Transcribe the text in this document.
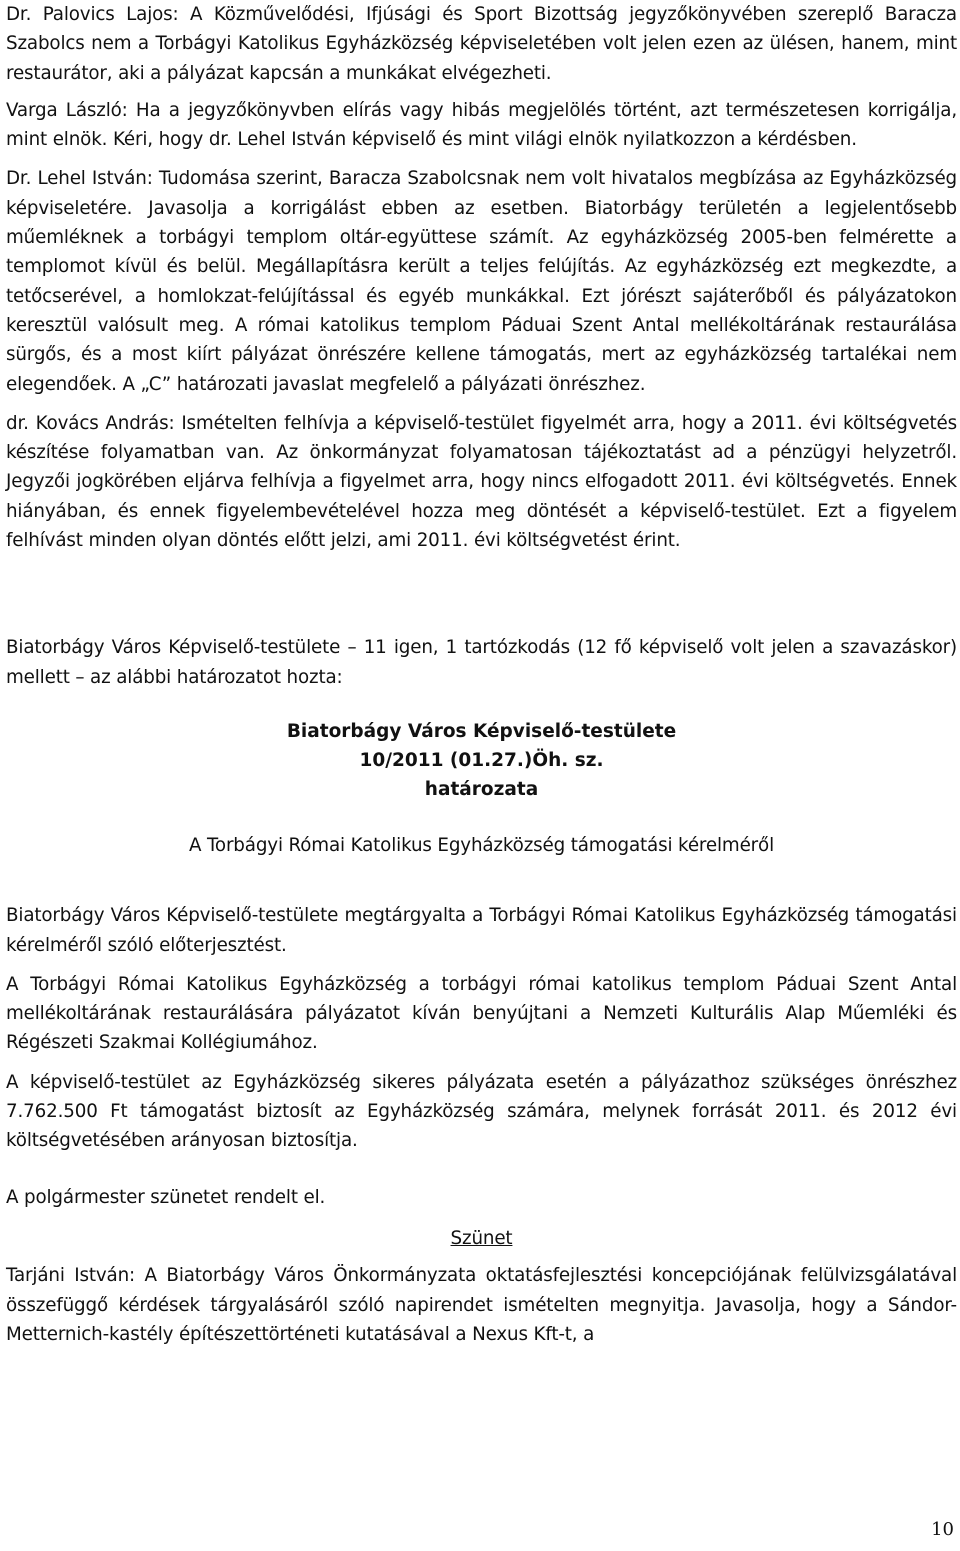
Dr. Palovics Lajos: A Közművelődési, Ifjúsági és Sport Bizottság jegyzőkönyvében szereplő Baracza Szabolcs nem a Torbágyi Katolikus Egyházközség képviseletében volt jelen ezen az ülésen, hanem, mint restaurátor, aki a pályázat kapcsán a munkákat elvégezheti.

Varga László: Ha a jegyzőkönyvben elírás vagy hibás megjelölés történt, azt természetesen korrigálja, mint elnök. Kéri, hogy dr. Lehel István képviselő és mint világi elnök nyilatkozzon a kérdésben.

Dr. Lehel István: Tudomása szerint, Baracza Szabolcsnak nem volt hivatalos megbízása az Egyházközség képviseletére. Javasolja a korrigálást ebben az esetben. Biatorbágy területén a legjelentősebb műemléknek a torbágyi templom oltár-együttese számít. Az egyházközség 2005-ben felmérette a templomot kívül és belül. Megállapításra került a teljes felújítás. Az egyházközség ezt megkezdte, a tetőcserével, a homlokzat-felújítással és egyéb munkákkal. Ezt jórészt sajáterőből és pályázatokon keresztül valósult meg. A római katolikus templom Páduai Szent Antal mellékoltárának restaurálása sürgős, és a most kiírt pályázat önrészére kellene támogatás, mert az egyházközség tartalékai nem elegendőek. A „C” határozati javaslat megfelelő a pályázati önrészhez.

dr. Kovács András: Ismételten felhívja a képviselő-testület figyelmét arra, hogy a 2011. évi költségvetés készítése folyamatban van. Az önkormányzat folyamatosan tájékoztatást ad a pénzügyi helyzetről. Jegyzői jogkörében eljárva felhívja a figyelmet arra, hogy nincs elfogadott 2011. évi költségvetés. Ennek hiányában, és ennek figyelembevételével hozza meg döntését a képviselő-testület. Ezt a figyelem felhívást minden olyan döntés előtt jelzi, ami 2011. évi költségvetést érint.

Biatorbágy Város Képviselő-testülete – 11 igen, 1 tartózkodás (12 fő képviselő volt jelen a szavazáskor) mellett – az alábbi határozatot hozta:

Biatorbágy Város Képviselő-testülete
10/2011 (01.27.)Öh. sz.
határozata

A Torbágyi Római Katolikus Egyházközség támogatási kérelméről

Biatorbágy Város Képviselő-testülete megtárgyalta a Torbágyi Római Katolikus Egyházközség támogatási kérelméről szóló előterjesztést.

A Torbágyi Római Katolikus Egyházközség a torbágyi római katolikus templom Páduai Szent Antal mellékoltárának restaurálására pályázatot kíván benyújtani a Nemzeti Kulturális Alap Műemléki és Régészeti Szakmai Kollégiumához.

A képviselő-testület az Egyházközség sikeres pályázata esetén a pályázathoz szükséges önrészhez 7.762.500 Ft támogatást biztosít az Egyházközség számára, melynek forrását 2011. és 2012 évi költségvetésében arányosan biztosítja.

A polgármester szünetet rendelt el.

Szünet

Tarjáni István: A Biatorbágy Város Önkormányzata oktatásfejlesztési koncepciójának felülvizsgálatával összefüggő kérdések tárgyalásáról szóló napirendet ismételten megnyitja. Javasolja, hogy a Sándor-Metternich-kastély építészettörténeti kutatásával a Nexus Kft-t, a

10
